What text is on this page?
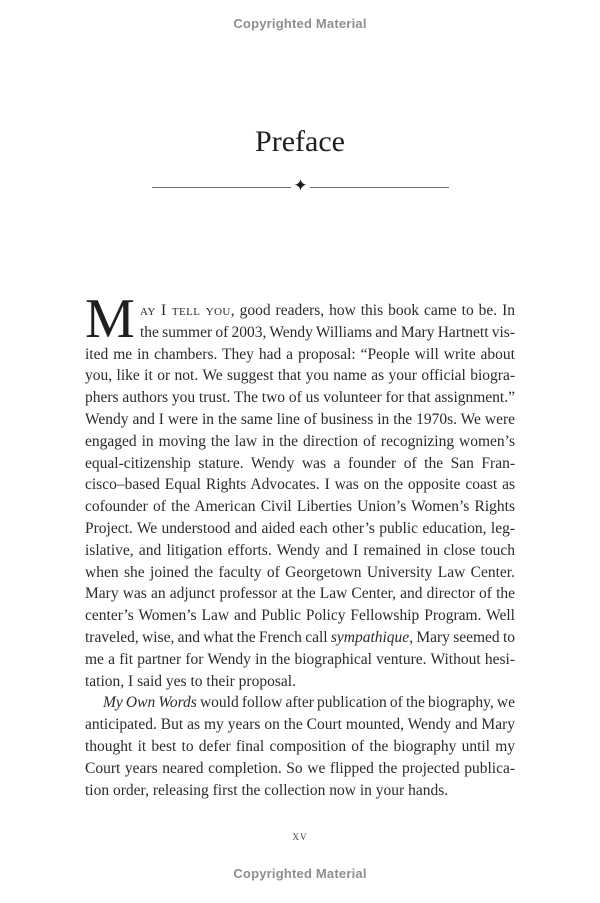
Copyrighted Material
Preface
✦
M ay I tell you, good readers, how this book came to be. In
the summer of 2003, Wendy Williams and Mary Hartnett vis-
ited me in chambers. They had a proposal: “People will write about
you, like it or not. We suggest that you name as your official biogra-
phers authors you trust. The two of us volunteer for that assignment.”
Wendy and I were in the same line of business in the 1970s. We were
engaged in moving the law in the direction of recognizing women’s
equal-citizenship stature. Wendy was a founder of the San Fran-
cisco–based Equal Rights Advocates. I was on the opposite coast as
cofounder of the American Civil Liberties Union’s Women’s Rights
Project. We understood and aided each other’s public education, leg-
islative, and litigation efforts. Wendy and I remained in close touch
when she joined the faculty of Georgetown University Law Center.
Mary was an adjunct professor at the Law Center, and director of the
center’s Women’s Law and Public Policy Fellowship Program. Well
traveled, wise, and what the French call sympathique, Mary seemed to
me a fit partner for Wendy in the biographical venture. Without hesi-
tation, I said yes to their proposal.
My Own Words would follow after publication of the biography, we
anticipated. But as my years on the Court mounted, Wendy and Mary
thought it best to defer final composition of the biography until my
Court years neared completion. So we flipped the projected publica-
tion order, releasing first the collection now in your hands.
xv
Copyrighted Material
